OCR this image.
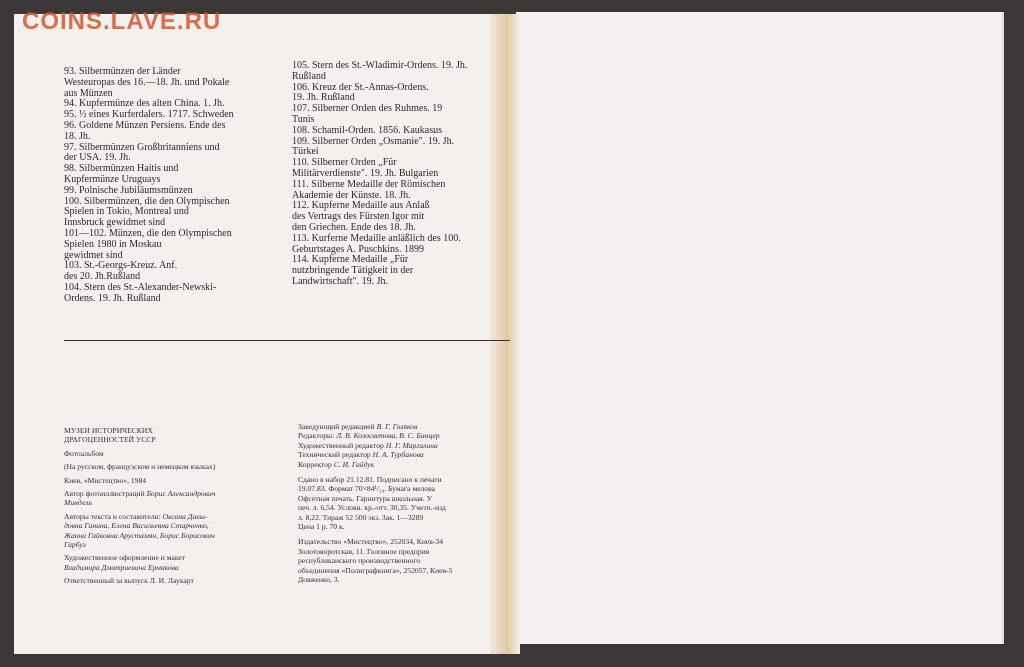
COINS.LAVE.RU
93. Silbermünzen der Länder
Westeuropas des 16.—18. Jh. und Pokale
aus Münzen
94. Kupfermünze des alten China. 1. Jh.
95. ½ eines Kurferdalers. 1717. Schweden
96. Goldene Münzen Persiens. Ende des
18. Jh.
97. Silbermünzen Großbritanniens und
der USA. 19. Jh.
98. Silbermünzen Haitis und
Kupfermünze Uruguays
99. Polnische Jubiläumsmünzen
100. Silbermünzen, die den Olympischen
Spielen in Tokio, Montreal und
Innsbruck gewidmet sind
101—102. Münzen, die den Olympischen
Spielen 1980 in Moskau
gewidmet sind
103. St.-Georgs-Kreuz. Anf.
des 20. Jh.Rußland
104. Stern des St.-Alexander-Newski-
Ordens. 19. Jh. Rußland
105. Stern des St.-Wladimir-Ordens. 19. Jh.
Rußland
106. Kreuz der St.-Annas-Ordens.
19. Jh. Rußland
107. Silberner Orden des Ruhmes. 19
Tunis
108. Schamil-Orden. 1856. Kaukasus
109. Silberner Orden „Osmanie". 19. Jh.
Türkei
110. Silberner Orden „Für
Militärverdienste". 19. Jh. Bulgarien
111. Silberne Medaille der Römischen
Akademie der Künste. 18. Jh.
112. Kupferne Medaille aus Anlaß
des Vertrags des Fürsten Igor mit
den Griechen. Ende des 18. Jh.
113. Kurferne Medaille anläßlich des 100.
Geburtstages A. Puschkins. 1899
114. Kupferne Medaille „Für
nutzbringende Tätigkeit in der
Landwirtschaft". 19. Jh.
МУЗЕИ ИСТОРИЧЕСКИХ
ДРАГОЦЕННОСТЕЙ УССР
Фотоальбом
(На русском, французском и немецком языках)
Киев, «Мистецтво», 1984
Автор фотоиллюстраций Борис Александрович
Миндель
Авторы текста и составители: Оксана Давы-
довна Ганина, Елена Васильевна Старченко,
Жанна Гайковна Арустамян, Борис Борисович
Гарбуз
Художественное оформление и макет
Владимира Дмитриевича Ермакова
Ответственный за выпуск Л. И. Лаукарт
Заведующий редакцией В. Г. Голяков
Редакторы: Л. В. Колосветова, В. С. Банцер
Художественный редактор Н. Г. Маргалина
Технический редактор Н. А. Турбанова
Корректор С. И. Гайдук
Сдано в набор 21.12.81. Подписано к печати
19.07.83. Формат 70×84¹/₂₄. Бумага мелова
Офсетная печать. Гарнитура школьная. У
печ. л. 6,54. Условн. кр.-отт. 30,35. Учетн.-изд
л. 8,22. Тираж 52 500 экз. Зак. 1—3289
Цена 1 р. 70 к.
Издательство «Мистецтво», 252034, Киев-34
Золотоворотская, 11. Головное предприя
республиканского производственного
объединения «Полиграфкнига», 252057, Киев-5
Довженко, 3.
